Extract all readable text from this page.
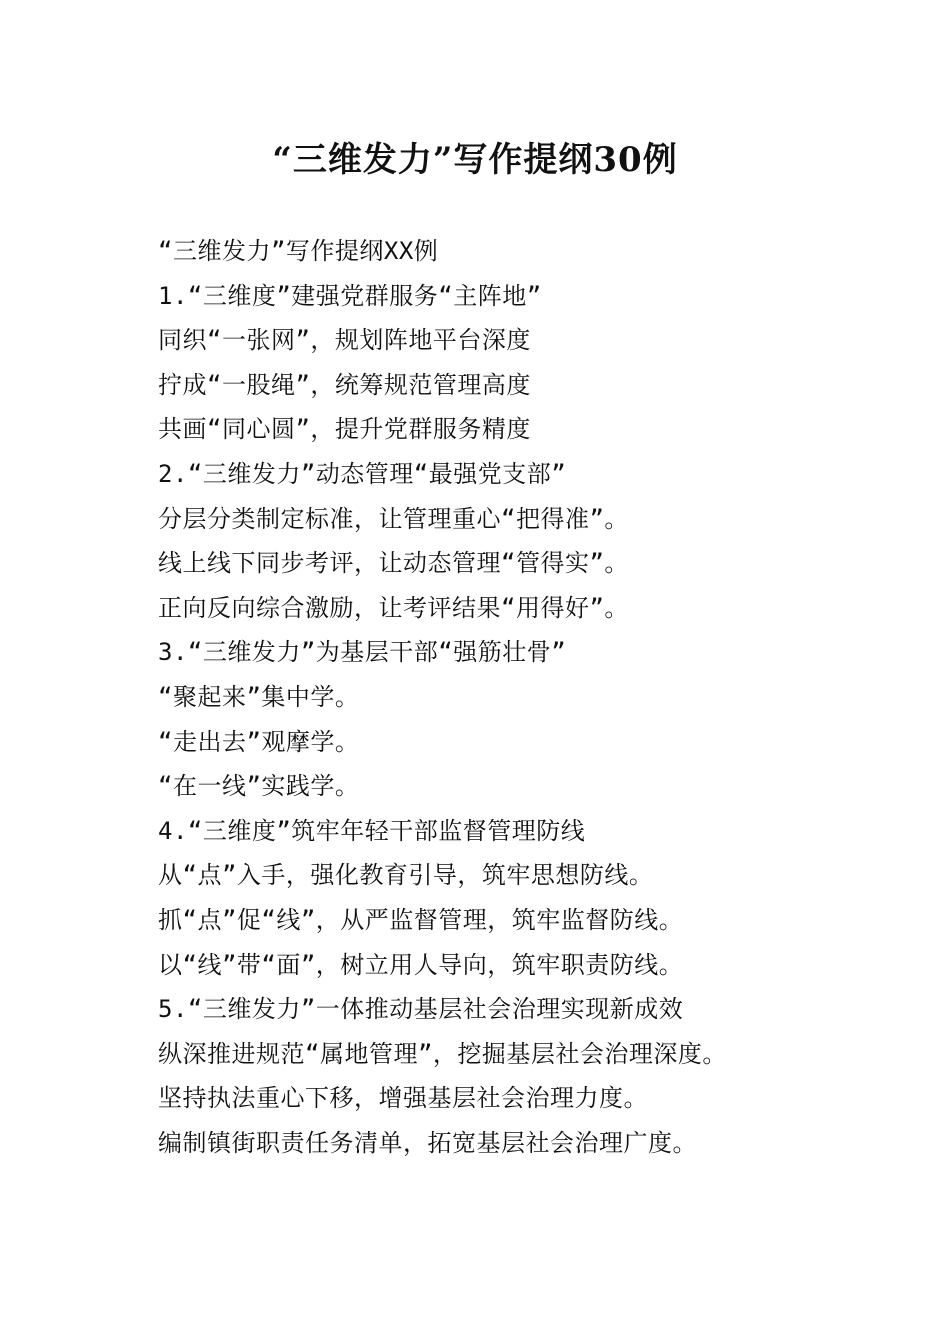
“三维发力”写作提纲30例
“三维发力”写作提纲XX例
1.“三维度”建强党群服务“主阵地”
同织“一张网”，规划阵地平台深度
拧成“一股绳”，统筹规范管理高度
共画“同心圆”，提升党群服务精度
2.“三维发力”动态管理“最强党支部”
分层分类制定标准，让管理重心“把得准”。
线上线下同步考评，让动态管理“管得实”。
正向反向综合激励，让考评结果“用得好”。
3.“三维发力”为基层干部“强筋壮骨”
“聚起来”集中学。
“走出去”观摩学。
“在一线”实践学。
4.“三维度”筑牢年轻干部监督管理防线
从“点”入手，强化教育引导，筑牢思想防线。
抓“点”促“线”，从严监督管理，筑牢监督防线。
以“线”带“面”，树立用人导向，筑牢职责防线。
5.“三维发力”一体推动基层社会治理实现新成效
纵深推进规范“属地管理”，挖掘基层社会治理深度。
坚持执法重心下移，增强基层社会治理力度。
编制镇街职责任务清单，拓宽基层社会治理广度。
